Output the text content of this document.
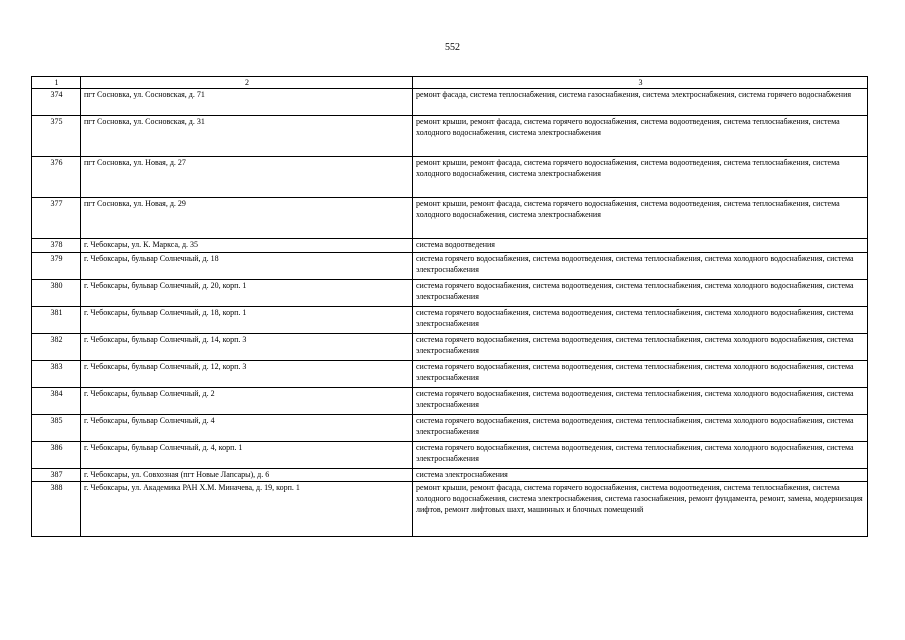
552
1	2	3
374	пгт Сосновка, ул. Сосновская, д. 71	ремонт фасада, система теплоснабжения, система газоснабжения, система электроснабжения, система горячего водоснабжения
375	пгт Сосновка, ул. Сосновская, д. 31	ремонт крыши, ремонт фасада, система горячего водоснабжения, система водоотведения, система теплоснабжения, система холодного водоснабжения, система электроснабжения
376	пгт Сосновка, ул. Новая, д. 27	ремонт крыши, ремонт фасада, система горячего водоснабжения, система водоотведения, система теплоснабжения, система холодного водоснабжения, система электроснабжения
377	пгт Сосновка, ул. Новая, д. 29	ремонт крыши, ремонт фасада, система горячего водоснабжения, система водоотведения, система теплоснабжения, система холодного водоснабжения, система электроснабжения
378	г. Чебоксары, ул. К. Маркса, д. 35	система водоотведения
379	г. Чебоксары, бульвар Солнечный, д. 18	система горячего водоснабжения, система водоотведения, система теплоснабжения, система холодного водоснабжения, система электроснабжения
380	г. Чебоксары, бульвар Солнечный, д. 20, корп. 1	система горячего водоснабжения, система водоотведения, система теплоснабжения, система холодного водоснабжения, система электроснабжения
381	г. Чебоксары, бульвар Солнечный, д. 18, корп. 1	система горячего водоснабжения, система водоотведения, система теплоснабжения, система холодного водоснабжения, система электроснабжения
382	г. Чебоксары, бульвар Солнечный, д. 14, корп. 3	система горячего водоснабжения, система водоотведения, система теплоснабжения, система холодного водоснабжения, система электроснабжения
383	г. Чебоксары, бульвар Солнечный, д. 12, корп. 3	система горячего водоснабжения, система водоотведения, система теплоснабжения, система холодного водоснабжения, система электроснабжения
384	г. Чебоксары, бульвар Солнечный, д. 2	система горячего водоснабжения, система водоотведения, система теплоснабжения, система холодного водоснабжения, система электроснабжения
385	г. Чебоксары, бульвар Солнечный, д. 4	система горячего водоснабжения, система водоотведения, система теплоснабжения, система холодного водоснабжения, система электроснабжения
386	г. Чебоксары, бульвар Солнечный, д. 4, корп. 1	система горячего водоснабжения, система водоотведения, система теплоснабжения, система холодного водоснабжения, система электроснабжения
387	г. Чебоксары, ул. Совхозная (пгт Новые Лапсары), д. 6	система электроснабжения
388	г. Чебоксары, ул. Академика РАН Х.М. Миначева, д. 19, корп. 1	ремонт крыши, ремонт фасада, система горячего водоснабжения, система водоотведения, система теплоснабжения, система холодного водоснабжения, система электроснабжения, система газоснабжения, ремонт фундамента, ремонт, замена, модернизация лифтов, ремонт лифтовых шахт, машинных и блочных помещений
